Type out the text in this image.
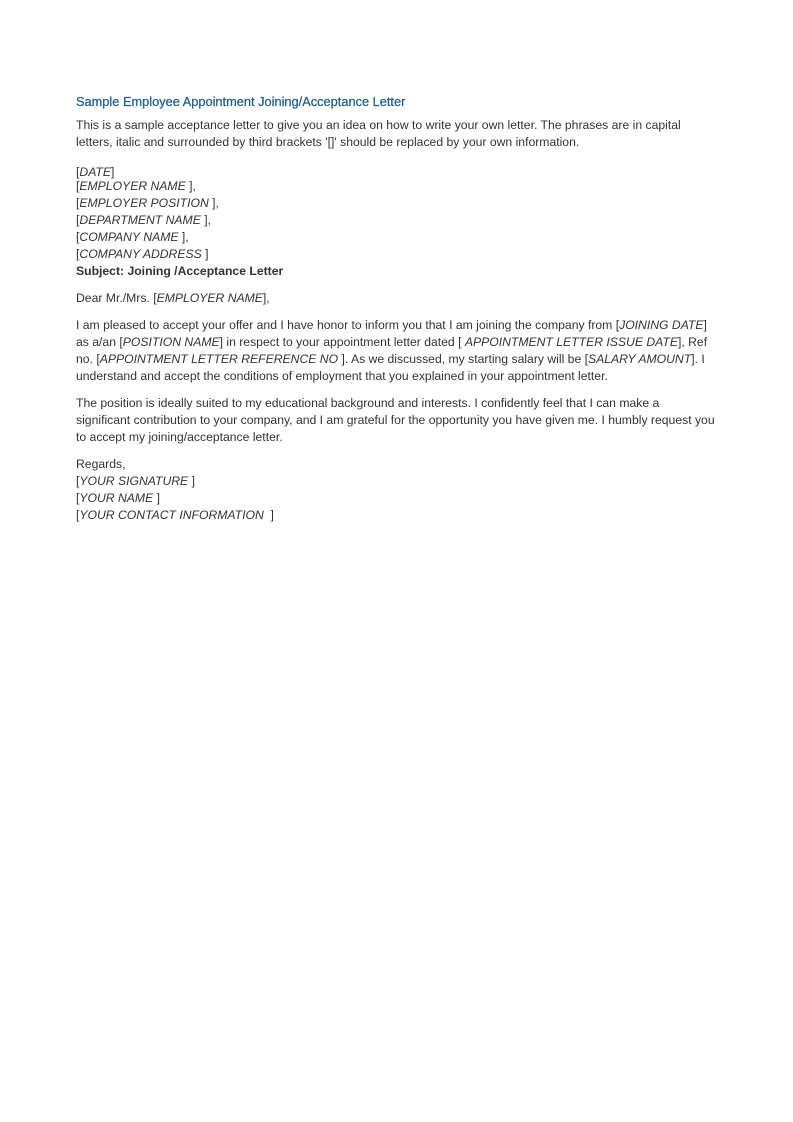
Sample Employee Appointment Joining/Acceptance Letter

This is a sample acceptance letter to give you an idea on how to write your own letter. The phrases are in capital letters, italic and surrounded by third brackets '[]' should be replaced by your own information.

[DATE]

[EMPLOYER NAME ],

[EMPLOYER POSITION ],

[DEPARTMENT NAME ],

[COMPANY NAME ],

[COMPANY ADDRESS ]

Subject: Joining /Acceptance Letter

Dear Mr./Mrs. [EMPLOYER NAME],

I am pleased to accept your offer and I have honor to inform you that I am joining the company from [JOINING DATE] as a/an [POSITION NAME] in respect to your appointment letter dated [ APPOINTMENT LETTER ISSUE DATE], Ref no. [APPOINTMENT LETTER REFERENCE NO ]. As we discussed, my starting salary will be [SALARY AMOUNT]. I understand and accept the conditions of employment that you explained in your appointment letter.

The position is ideally suited to my educational background and interests. I confidently feel that I can make a significant contribution to your company, and I am grateful for the opportunity you have given me. I humbly request you to accept my joining/acceptance letter.

Regards,

[YOUR SIGNATURE ]

[YOUR NAME ]

[YOUR CONTACT INFORMATION  ]
